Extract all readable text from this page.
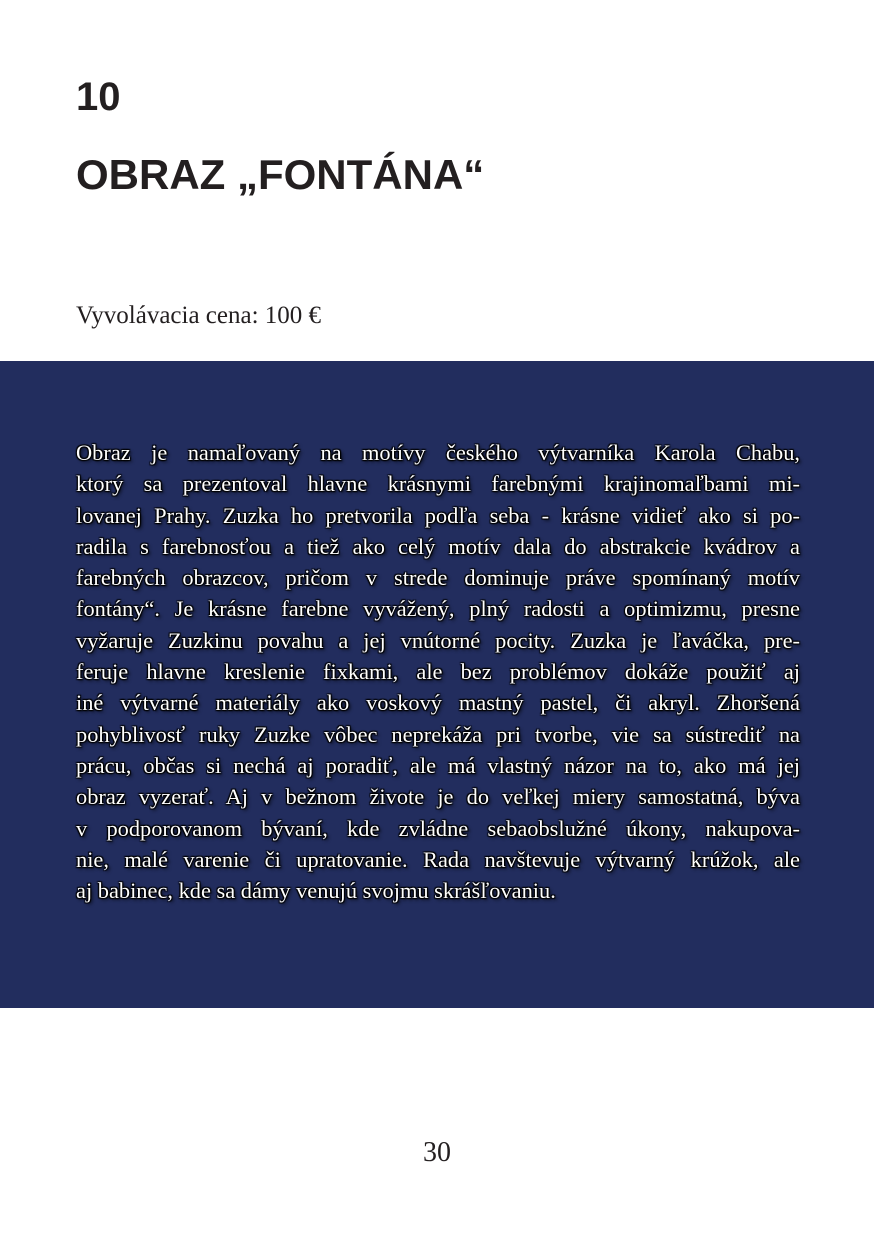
10
OBRAZ „FONTÁNA“
Vyvolávacia cena: 100 €

Obraz je namaľovaný na motívy českého výtvarníka Karola Chabu,
ktorý sa prezentoval hlavne krásnymi farebnými krajinomaľbami mi-
lovanej Prahy. Zuzka ho pretvorila podľa seba - krásne vidieť ako si po-
radila s farebnosťou a tiež ako celý motív dala do abstrakcie kvádrov a
farebných obrazcov, pričom v strede dominuje práve spomínaný motív
fontány“. Je krásne farebne vyvážený, plný radosti a optimizmu, presne
vyžaruje Zuzkinu povahu a jej vnútorné pocity. Zuzka je ľaváčka, pre-
feruje hlavne kreslenie fixkami, ale bez problémov dokáže použiť aj
iné výtvarné materiály ako voskový mastný pastel, či akryl. Zhoršená
pohyblivosť ruky Zuzke vôbec neprekáža pri tvorbe, vie sa sústrediť na
prácu, občas si nechá aj poradiť, ale má vlastný názor na to, ako má jej
obraz vyzerať. Aj v bežnom živote je do veľkej miery samostatná, býva
v podporovanom bývaní, kde zvládne sebaobslužné úkony, nakupova-
nie, malé varenie či upratovanie. Rada navštevuje výtvarný krúžok, ale
aj babinec, kde sa dámy venujú svojmu skrášľovaniu.

30
